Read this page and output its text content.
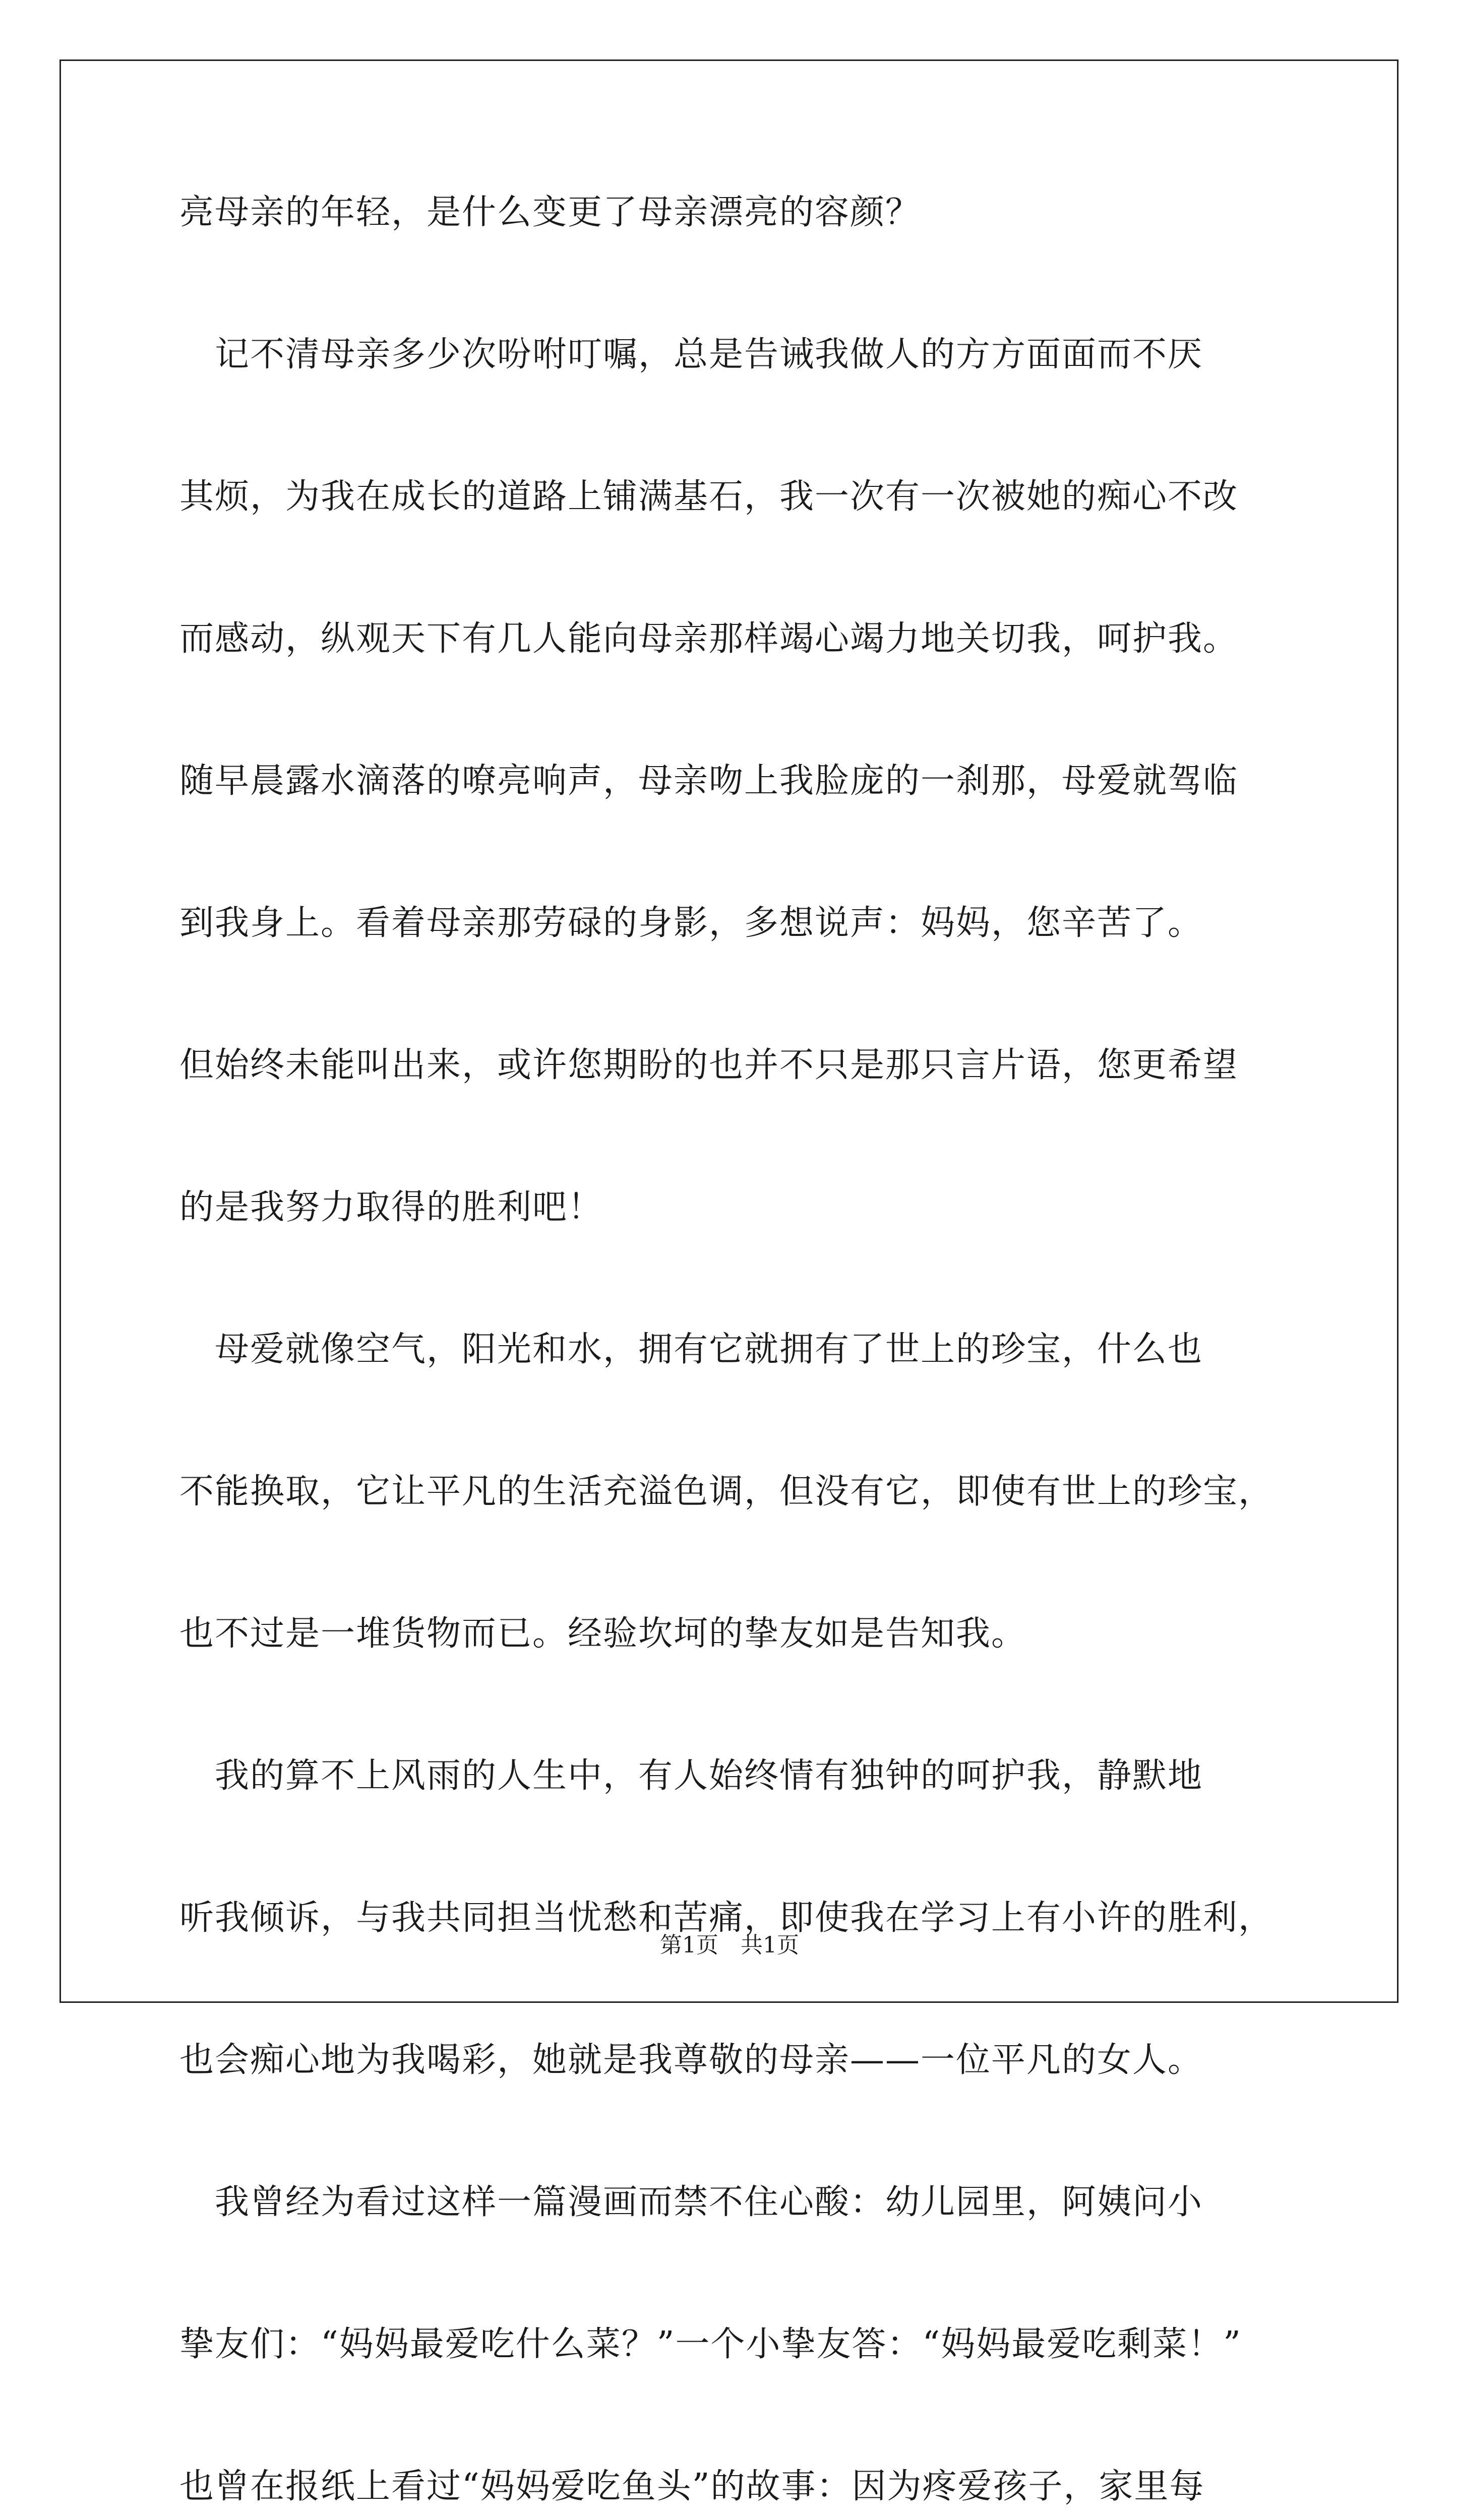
亮母亲的年轻，是什么变更了母亲漂亮的容颜？
　记不清母亲多少次吩咐叮嘱，总是告诫我做人的方方面面而不厌
其烦，为我在成长的道路上铺满基石，我一次有一次被她的痴心不改
而感动，纵观天下有几人能向母亲那样竭心竭力地关切我，呵护我。
随早晨露水滴落的嘹亮响声，母亲吻上我脸庞的一刹那，母爱就驾临
到我身上。看着母亲那劳碌的身影，多想说声：妈妈，您辛苦了。
但始终未能叫出来，或许您期盼的也并不只是那只言片语，您更希望
的是我努力取得的胜利吧！
　母爱就像空气，阳光和水，拥有它就拥有了世上的珍宝，什么也
不能换取，它让平凡的生活充溢色调，但没有它，即使有世上的珍宝，
也不过是一堆货物而已。经验坎坷的挚友如是告知我。
　我的算不上风雨的人生中，有人始终情有独钟的呵护我，静默地
听我倾诉，与我共同担当忧愁和苦痛，即使我在学习上有小许的胜利，
也会痴心地为我喝彩，她就是我尊敬的母亲——一位平凡的女人。
　我曾经为看过这样一篇漫画而禁不住心酸：幼儿园里，阿姨问小
挚友们：“妈妈最爱吃什么菜？”一个小挚友答：“妈妈最爱吃剩菜！”
也曾在报纸上看过“妈妈爱吃鱼头”的故事：因为疼爱孩子，家里每
第1页　共1页
